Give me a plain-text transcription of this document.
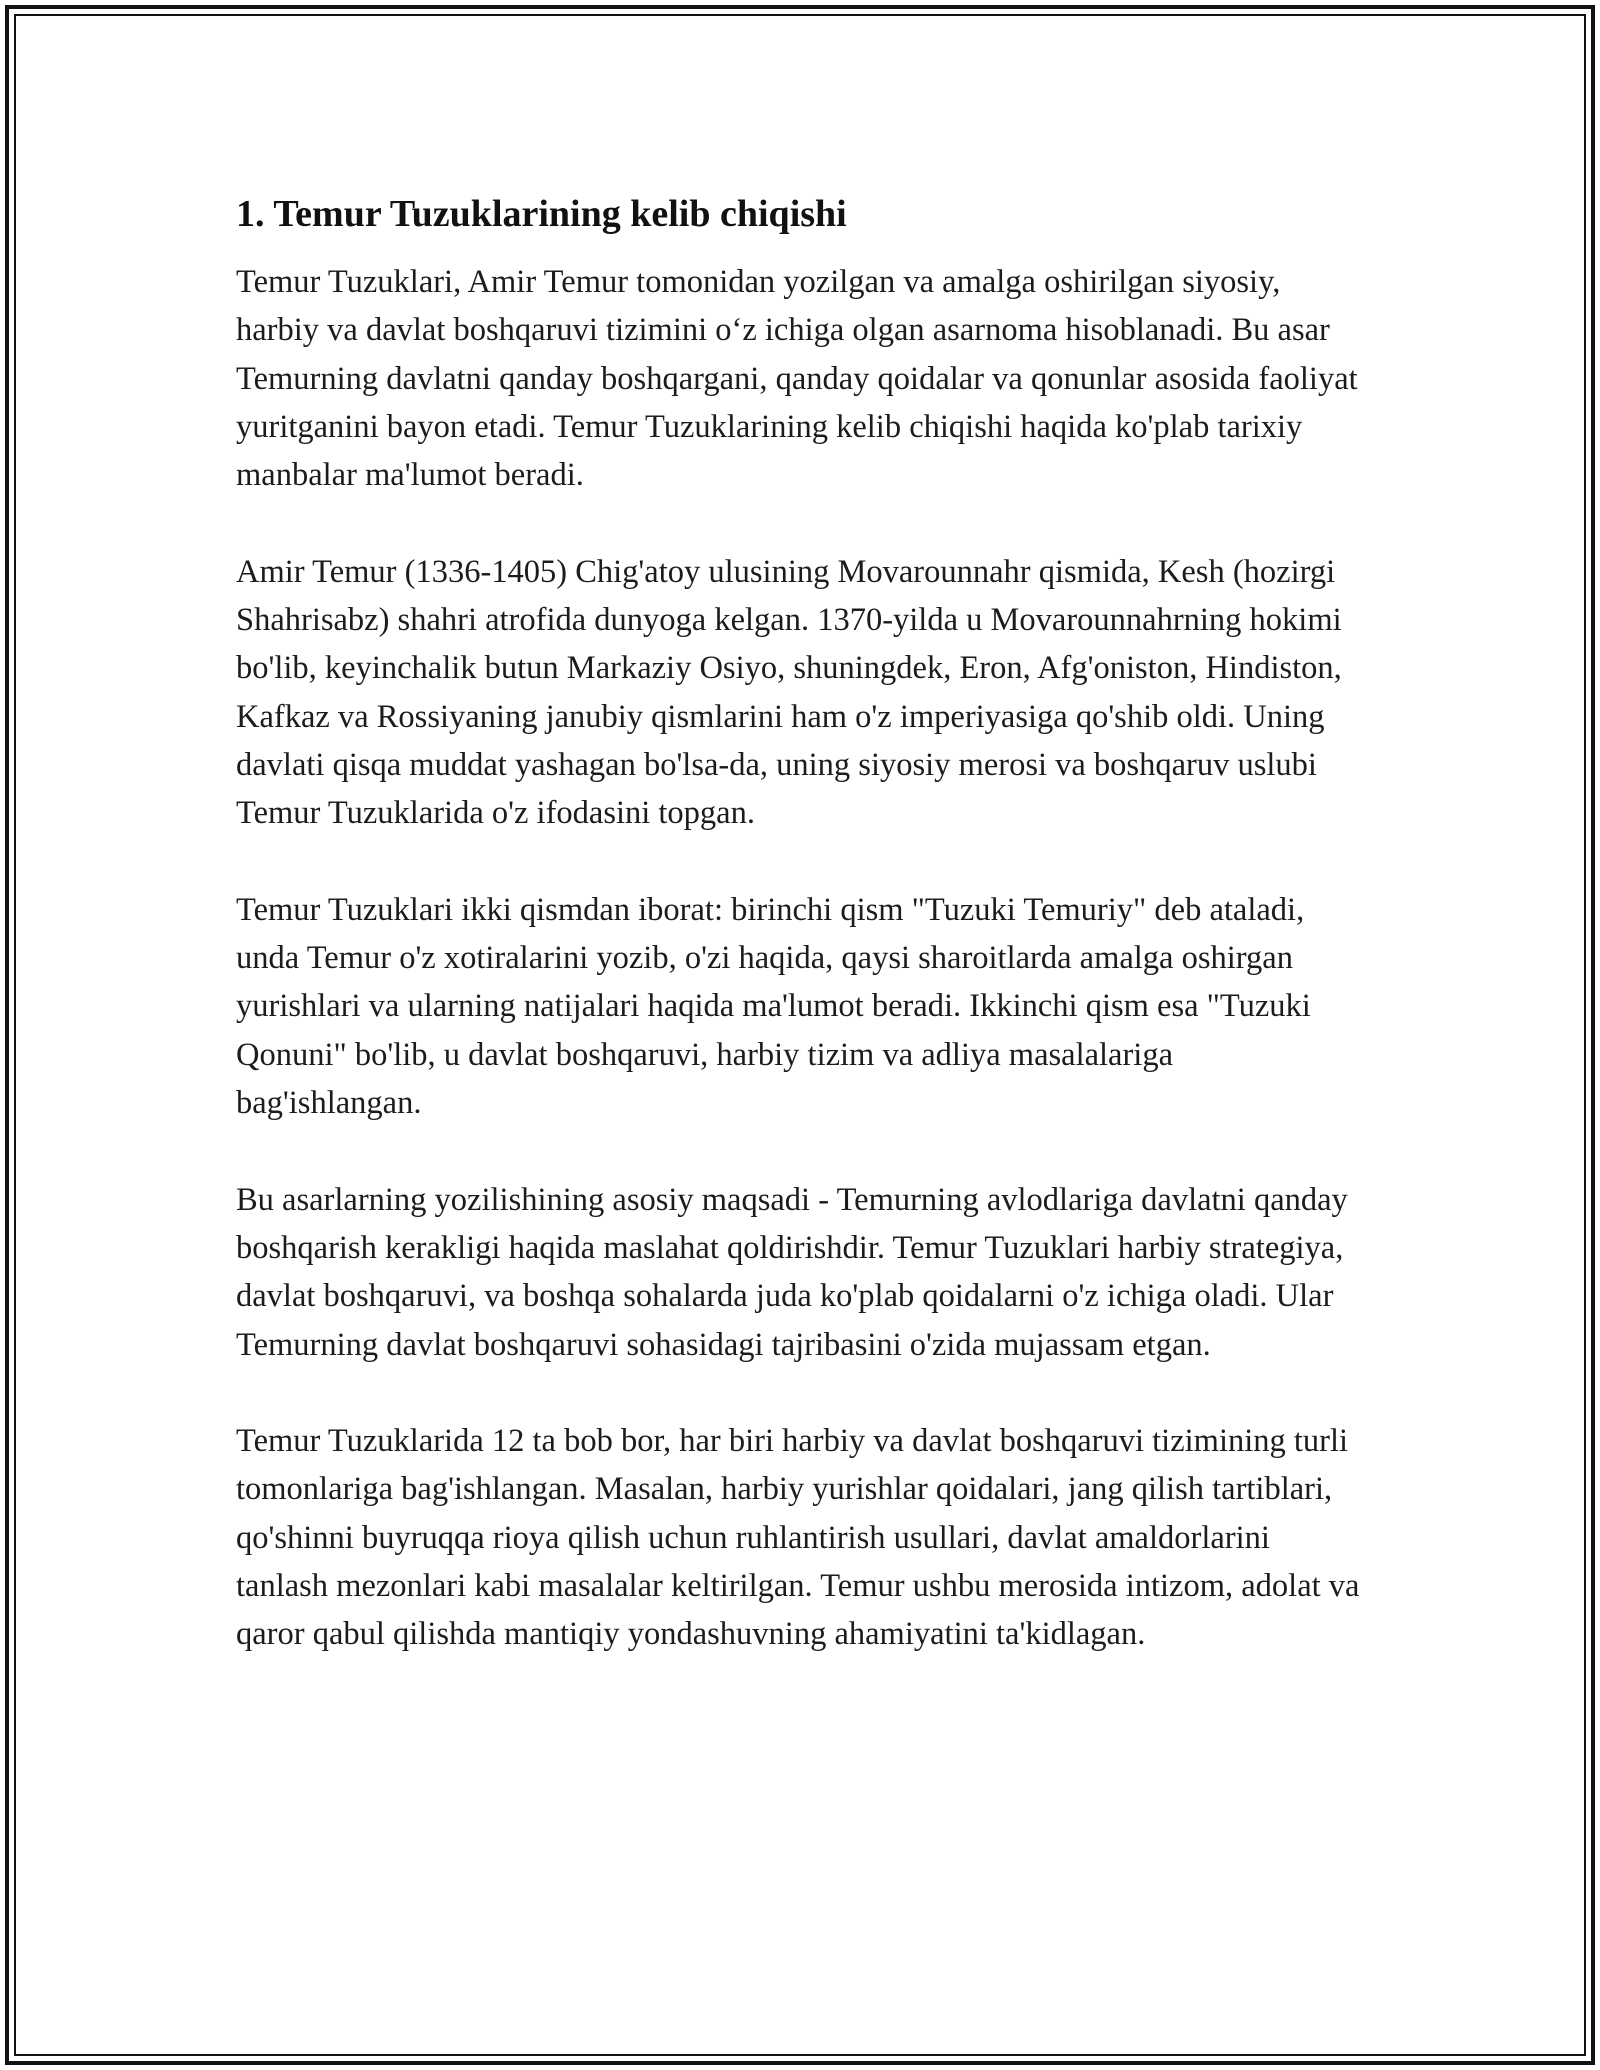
1. Temur Tuzuklarining kelib chiqishi

Temur Tuzuklari, Amir Temur tomonidan yozilgan va amalga oshirilgan siyosiy, harbiy va davlat boshqaruvi tizimini o‘z ichiga olgan asarnoma hisoblanadi. Bu asar Temurning davlatni qanday boshqargani, qanday qoidalar va qonunlar asosida faoliyat yuritganini bayon etadi. Temur Tuzuklarining kelib chiqishi haqida ko'plab tarixiy manbalar ma'lumot beradi.

Amir Temur (1336-1405) Chig'atoy ulusining Movarounnahr qismida, Kesh (hozirgi Shahrisabz) shahri atrofida dunyoga kelgan. 1370-yilda u Movarounnahrning hokimi bo'lib, keyinchalik butun Markaziy Osiyo, shuningdek, Eron, Afg'oniston, Hindiston, Kafkaz va Rossiyaning janubiy qismlarini ham o'z imperiyasiga qo'shib oldi. Uning davlati qisqa muddat yashagan bo'lsa-da, uning siyosiy merosi va boshqaruv uslubi Temur Tuzuklarida o'z ifodasini topgan.

Temur Tuzuklari ikki qismdan iborat: birinchi qism "Tuzuki Temuriy" deb ataladi, unda Temur o'z xotiralarini yozib, o'zi haqida, qaysi sharoitlarda amalga oshirgan yurishlari va ularning natijalari haqida ma'lumot beradi. Ikkinchi qism esa "Tuzuki Qonuni" bo'lib, u davlat boshqaruvi, harbiy tizim va adliya masalalariga bag'ishlangan.

Bu asarlarning yozilishining asosiy maqsadi - Temurning avlodlariga davlatni qanday boshqarish kerakligi haqida maslahat qoldirishdir. Temur Tuzuklari harbiy strategiya, davlat boshqaruvi, va boshqa sohalarda juda ko'plab qoidalarni o'z ichiga oladi. Ular Temurning davlat boshqaruvi sohasidagi tajribasini o'zida mujassam etgan.

Temur Tuzuklarida 12 ta bob bor, har biri harbiy va davlat boshqaruvi tizimining turli tomonlariga bag'ishlangan. Masalan, harbiy yurishlar qoidalari, jang qilish tartiblari, qo'shinni buyruqqa rioya qilish uchun ruhlantirish usullari, davlat amaldorlarini tanlash mezonlari kabi masalalar keltirilgan. Temur ushbu merosida intizom, adolat va qaror qabul qilishda mantiqiy yondashuvning ahamiyatini ta'kidlagan.
